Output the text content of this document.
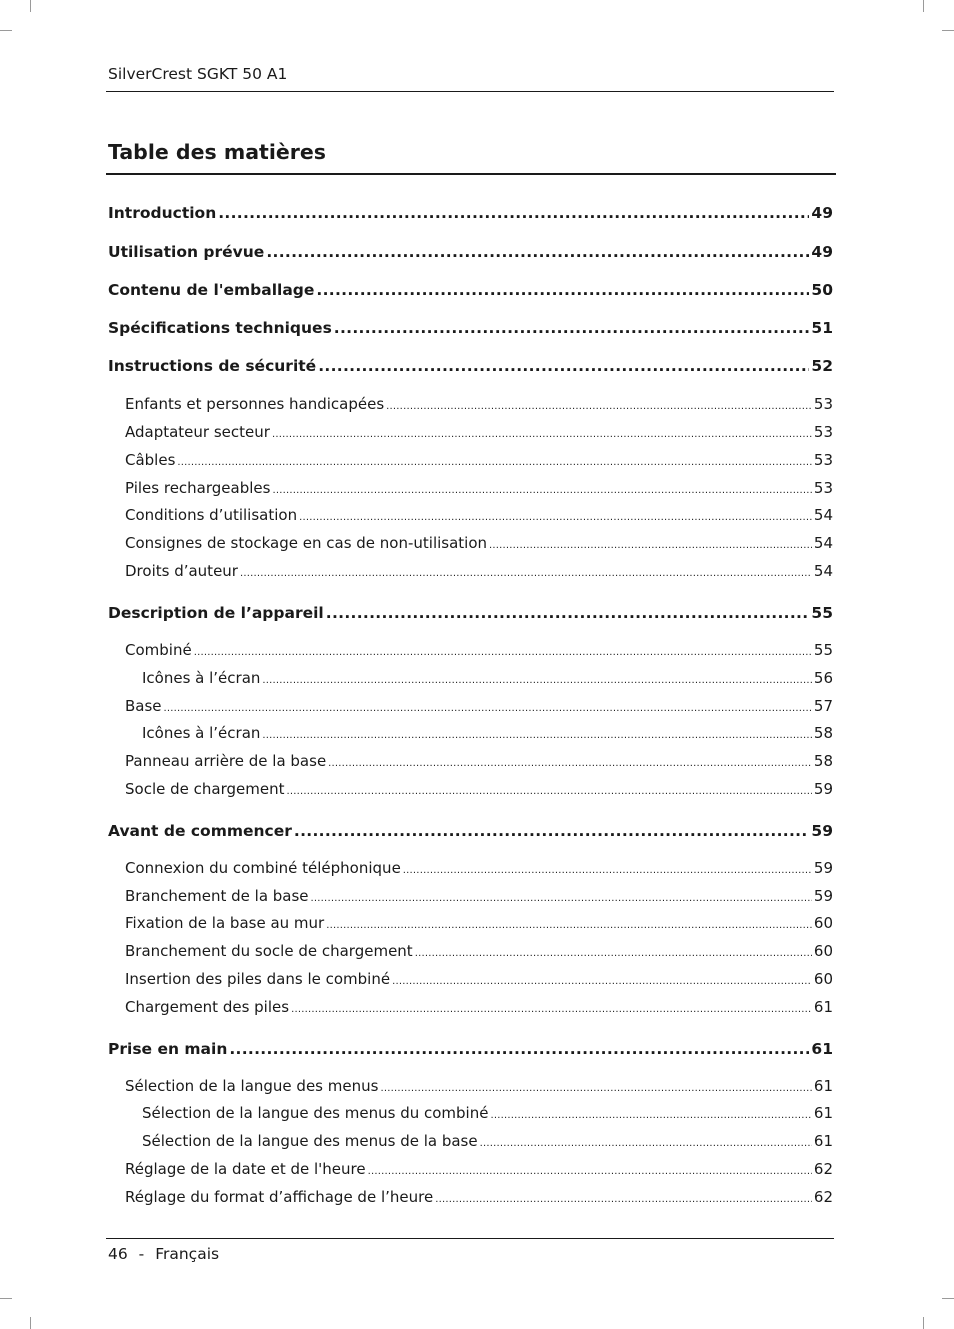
SilverCrest SGKT 50 A1
Table des matières
Introduction .....	49
Utilisation prévue .....	49
Contenu de l'emballage .....	50
Spécifications techniques .....	51
Instructions de sécurité .....	52
Enfants et personnes handicapées .....	53
Adaptateur secteur .....	53
Câbles .....	53
Piles rechargeables .....	53
Conditions d’utilisation .....	54
Consignes de stockage en cas de non-utilisation .....	54
Droits d’auteur .....	54
Description de l’appareil .....	55
Combiné .....	55
Icônes à l’écran .....	56
Base .....	57
Icônes à l’écran .....	58
Panneau arrière de la base .....	58
Socle de chargement .....	59
Avant de commencer .....	59
Connexion du combiné téléphonique .....	59
Branchement de la base .....	59
Fixation de la base au mur .....	60
Branchement du socle de chargement .....	60
Insertion des piles dans le combiné .....	60
Chargement des piles .....	61
Prise en main .....	61
Sélection de la langue des menus .....	61
Sélection de la langue des menus du combiné .....	61
Sélection de la langue des menus de la base .....	61
Réglage de la date et de l'heure .....	62
Réglage du format d’affichage de l’heure .....	62
46 - Français
